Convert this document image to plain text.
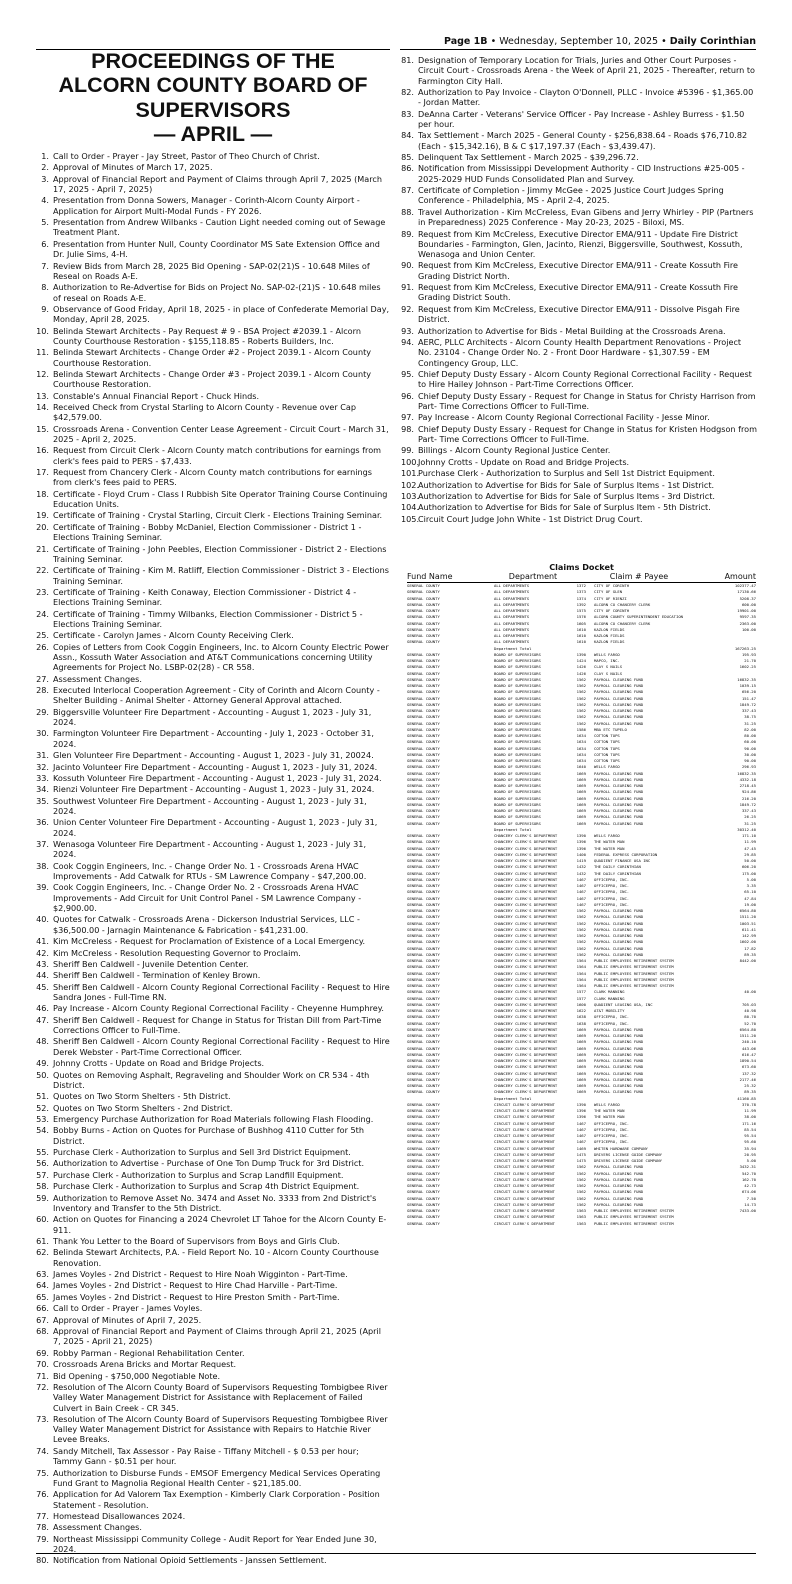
Page 1B • Wednesday, September 10, 2025 • Daily Corinthian
PROCEEDINGS OF THE
ALCORN COUNTY BOARD OF
SUPERVISORS
— APRIL —
1. Call to Order - Prayer - Jay Street, Pastor of Theo Church of Christ.
2. Approval of Minutes of March 17, 2025.
3. Approval of Financial Report and Payment of Claims through April 7, 2025 (March 17, 2025 - April 7, 2025)
4. Presentation from Donna Sowers, Manager - Corinth-Alcorn County Airport - Application for Airport Multi-Modal Funds - FY 2026.
5. Presentation from Andrew Wilbanks - Caution Light needed coming out of Sewage Treatment Plant.
6. Presentation from Hunter Null, County Coordinator MS Sate Extension Office and Dr. Julie Sims, 4-H.
7. Review Bids from March 28, 2025 Bid Opening - SAP-02(21)S - 10.648 Miles of Reseal on Roads A-E.
8. Authorization to Re-Advertise for Bids on Project No. SAP-02-(21)S - 10.648 miles of reseal on Roads A-E.
9. Observance of Good Friday, April 18, 2025 - in place of Confederate Memorial Day, Monday, April 28, 2025.
10. Belinda Stewart Architects - Pay Request # 9 - BSA Project #2039.1 - Alcorn County Courthouse Restoration - $155,118.85 - Roberts Builders, Inc.
11. Belinda Stewart Architects - Change Order #2 - Project 2039.1 - Alcorn County Courthouse Restoration.
12. Belinda Stewart Architects - Change Order #3 - Project 2039.1 - Alcorn County Courthouse Restoration.
13. Constable's Annual Financial Report - Chuck Hinds.
14. Received Check from Crystal Starling to Alcorn County - Revenue over Cap $42,579.00.
15. Crossroads Arena - Convention Center Lease Agreement - Circuit Court - March 31, 2025 - April 2, 2025.
16. Request from Circuit Clerk - Alcorn County match contributions for earnings from clerk's fees paid to PERS - $7,433.
17. Request from Chancery Clerk - Alcorn County match contributions for earnings from clerk's fees paid to PERS.
18. Certificate - Floyd Crum - Class I Rubbish Site Operator Training Course Continuing Education Units.
19. Certificate of Training - Crystal Starling, Circuit Clerk - Elections Training Seminar.
20. Certificate of Training - Bobby McDaniel, Election Commissioner - District 1 - Elections Training Seminar.
21. Certificate of Training - John Peebles, Election Commissioner - District 2 - Elections Training Seminar.
22. Certificate of Training - Kim M. Ratliff, Election Commissioner - District 3 - Elections Training Seminar.
23. Certificate of Training - Keith Conaway, Election Commissioner - District 4 - Elections Training Seminar.
24. Certificate of Training - Timmy Wilbanks, Election Commissioner - District 5 - Elections Training Seminar.
25. Certificate - Carolyn James - Alcorn County Receiving Clerk.
26. Copies of Letters from Cook Coggin Engineers, Inc. to Alcorn County Electric Power Assn., Kossuth Water Association and AT&T Communications concerning Utility Agreements for Project No. LSBP-02(28) - CR 558.
27. Assessment Changes.
28. Executed Interlocal Cooperation Agreement - City of Corinth and Alcorn County - Shelter Building - Animal Shelter - Attorney General Approval attached.
29. Biggersville Volunteer Fire Department - Accounting - August 1, 2023 - July 31, 2024.
30. Farmington Volunteer Fire Department - Accounting - July 1, 2023 - October 31, 2024.
31. Glen Volunteer Fire Department - Accounting - August 1, 2023 - July 31, 20024.
32. Jacinto Volunteer Fire Department - Accounting - August 1, 2023 - July 31, 2024.
33. Kossuth Volunteer Fire Department - Accounting - August 1, 2023 - July 31, 2024.
34. Rienzi Volunteer Fire Department - Accounting - August 1, 2023 - July 31, 2024.
35. Southwest Volunteer Fire Department - Accounting - August 1, 2023 - July 31, 2024.
36. Union Center Volunteer Fire Department - Accounting - August 1, 2023 - July 31, 2024.
37. Wenasoga Volunteer Fire Department - Accounting - August 1, 2023 - July 31, 2024.
38. Cook Coggin Engineers, Inc. - Change Order No. 1 - Crossroads Arena HVAC Improvements - Add Catwalk for RTUs - SM Lawrence Company - $47,200.00.
39. Cook Coggin Engineers, Inc. - Change Order No. 2 - Crossroads Arena HVAC Improvements - Add Circuit for Unit Control Panel - SM Lawrence Company - $2,900.00.
40. Quotes for Catwalk - Crossroads Arena - Dickerson Industrial Services, LLC - $36,500.00 - Jarnagin Maintenance & Fabrication - $41,231.00.
41. Kim McCreless - Request for Proclamation of Existence of a Local Emergency.
42. Kim McCreless - Resolution Requesting Governor to Proclaim.
43. Sheriff Ben Caldwell - Juvenile Detention Center.
44. Sheriff Ben Caldwell - Termination of Kenley Brown.
45. Sheriff Ben Caldwell - Alcorn County Regional Correctional Facility - Request to Hire Sandra Jones - Full-Time RN.
46. Pay Increase - Alcorn County Regional Correctional Facility - Cheyenne Humphrey.
47. Sheriff Ben Caldwell - Request for Change in Status for Tristan Dill from Part-Time Corrections Officer to Full-Time.
48. Sheriff Ben Caldwell - Alcorn County Regional Correctional Facility - Request to Hire Derek Webster - Part-Time Correctional Officer.
49. Johnny Crotts - Update on Road and Bridge Projects.
50. Quotes on Removing Asphalt, Regraveling and Shoulder Work on CR 534 - 4th District.
51. Quotes on Two Storm Shelters - 5th District.
52. Quotes on Two Storm Shelters - 2nd District.
53. Emergency Purchase Authorization for Road Materials following Flash Flooding.
54. Bobby Burns - Action on Quotes for Purchase of Bushhog 4110 Cutter for 5th District.
55. Purchase Clerk - Authorization to Surplus and Sell 3rd District Equipment.
56. Authorization to Advertise - Purchase of One Ton Dump Truck for 3rd District.
57. Purchase Clerk - Authorization to Surplus and Scrap Landfill Equipment.
58. Purchase Clerk - Authorization to Surplus and Scrap 4th District Equipment.
59. Authorization to Remove Asset No. 3474 and Asset No. 3333 from 2nd District's Inventory and Transfer to the 5th District.
60. Action on Quotes for Financing a 2024 Chevrolet LT Tahoe for the Alcorn County E-911.
61. Thank You Letter to the Board of Supervisors from Boys and Girls Club.
62. Belinda Stewart Architects, P.A. - Field Report No. 10 - Alcorn County Courthouse Renovation.
63. James Voyles - 2nd District - Request to Hire Noah Wigginton - Part-Time.
64. James Voyles - 2nd District - Request to Hire Chad Harville - Part-Time.
65. James Voyles - 2nd District - Request to Hire Preston Smith - Part-Time.
66. Call to Order - Prayer - James Voyles.
67. Approval of Minutes of April 7, 2025.
68. Approval of Financial Report and Payment of Claims through April 21, 2025 (April 7, 2025 - April 21, 2025)
69. Robby Parman - Regional Rehabilitation Center.
70. Crossroads Arena Bricks and Mortar Request.
71. Bid Opening - $750,000 Negotiable Note.
72. Resolution of The Alcorn County Board of Supervisors Requesting Tombigbee River Valley Water Management District for Assistance with Replacement of Failed Culvert in Bain Creek - CR 345.
73. Resolution of The Alcorn County Board of Supervisors Requesting Tombigbee River Valley Water Management District for Assistance with Repairs to Hatchie River Levee Breaks.
74. Sandy Mitchell, Tax Assessor - Pay Raise - Tiffany Mitchell - $ 0.53 per hour; Tammy Gann - $0.51 per hour.
75. Authorization to Disburse Funds - EMSOF Emergency Medical Services Operating Fund Grant to Magnolia Regional Health Center - $21,185.00.
76. Application for Ad Valorem Tax Exemption - Kimberly Clark Corporation - Position Statement - Resolution.
77. Homestead Disallowances 2024.
78. Assessment Changes.
79. Northeast Mississippi Community College - Audit Report for Year Ended June 30, 2024.
80. Notification from National Opioid Settlements - Janssen Settlement.
81. Designation of Temporary Location for Trials, Juries and Other Court Purposes - Circuit Court - Crossroads Arena - the Week of April 21, 2025 - Thereafter, return to Farmington City Hall.
82. Authorization to Pay Invoice - Clayton O'Donnell, PLLC - Invoice #5396 - $1,365.00 - Jordan Matter.
83. DeAnna Carter - Veterans' Service Officer - Pay Increase - Ashley Burress - $1.50 per hour.
84. Tax Settlement - March 2025 - General County - $256,838.64 - Roads $76,710.82 (Each - $15,342.16), B & C $17,197.37 (Each - $3,439.47).
85. Delinquent Tax Settlement - March 2025 - $39,296.72.
86. Notification from Mississippi Development Authority - CID Instructions #25-005 - 2025-2029 HUD Funds Consolidated Plan and Survey.
87. Certificate of Completion - Jimmy McGee - 2025 Justice Court Judges Spring Conference - Philadelphia, MS - April 2-4, 2025.
88. Travel Authorization - Kim McCreless, Evan Gibens and Jerry Whirley - PIP (Partners in Preparedness) 2025 Conference - May 20-23, 2025 - Biloxi, MS.
89. Request from Kim McCreless, Executive Director EMA/911 - Update Fire District Boundaries - Farmington, Glen, Jacinto, Rienzi, Biggersville, Southwest, Kossuth, Wenasoga and Union Center.
90. Request from Kim McCreless, Executive Director EMA/911 - Create Kossuth Fire Grading District North.
91. Request from Kim McCreless, Executive Director EMA/911 - Create Kossuth Fire Grading District South.
92. Request from Kim McCreless, Executive Director EMA/911 - Dissolve Pisgah Fire District.
93. Authorization to Advertise for Bids - Metal Building at the Crossroads Arena.
94. AERC, PLLC Architects - Alcorn County Health Department Renovations - Project No. 23104 - Change Order No. 2 - Front Door Hardware - $1,307.59 - EM Contingency Group, LLC.
95. Chief Deputy Dusty Essary - Alcorn County Regional Correctional Facility - Request to Hire Hailey Johnson - Part-Time Corrections Officer.
96. Chief Deputy Dusty Essary - Request for Change in Status for Christy Harrison from Part- Time Corrections Officer to Full-Time.
97. Pay Increase - Alcorn County Regional Correctional Facility - Jesse Minor.
98. Chief Deputy Dusty Essary - Request for Change in Status for Kristen Hodgson from Part- Time Corrections Officer to Full-Time.
99. Billings - Alcorn County Regional Justice Center.
100.
Johnny Crotts - Update on Road and Bridge Projects.
101.
Purchase Clerk - Authorization to Surplus and Sell 1st District Equipment.
102.
Authorization to Advertise for Bids for Sale of Surplus Items - 1st District.
103.
Authorization to Advertise for Bids for Sale of Surplus Items - 3rd District.
104.
Authorization to Advertise for Bids for Sale of Surplus Item - 5th District.
105.
Circuit Court Judge John White - 1st District Drug Court.
Claims Docket
Fund Name	Department	Claim # Payee	Amount
GENERAL COUNTY	ALL DEPARTMENTS	1372	CITY OF CORINTH	102377.47
GENERAL COUNTY	ALL DEPARTMENTS	1373	CITY OF GLEN	17130.66
GENERAL COUNTY	ALL DEPARTMENTS	1374	CITY OF RIENZI	5208.37
GENERAL COUNTY	ALL DEPARTMENTS	1392	ALCORN CO CHANCERY CLERK	600.00
GENERAL COUNTY	ALL DEPARTMENTS	1575	CITY OF CORINTH	19901.00
GENERAL COUNTY	ALL DEPARTMENTS	1576	ALCORN COUNTY SUPERINTENDENT EDUCATION	9597.35
GENERAL COUNTY	ALL DEPARTMENTS	1605	ALCORN CO CHANCERY CLERK	2363.00
GENERAL COUNTY	ALL DEPARTMENTS	1610	KAZLON FIELDS	100.00
GENERAL COUNTY	ALL DEPARTMENTS	1610	KAZLON FIELDS
GENERAL COUNTY	ALL DEPARTMENTS	1610	KAZLON FIELDS
Department Total	167263.25
GENERAL COUNTY	BOARD OF SUPERVISORS	1390	WELLS FARGO	195.93
GENERAL COUNTY	BOARD OF SUPERVISORS	1424	MAPCO, INC.	21.70
GENERAL COUNTY	BOARD OF SUPERVISORS	1426	CLAY S NAILS	1602.25
GENERAL COUNTY	BOARD OF SUPERVISORS	1426	CLAY S NAILS
GENERAL COUNTY	BOARD OF SUPERVISORS	1562	PAYROLL CLEARING FUND	16832.35
GENERAL COUNTY	BOARD OF SUPERVISORS	1562	PAYROLL CLEARING FUND	1039.15
GENERAL COUNTY	BOARD OF SUPERVISORS	1562	PAYROLL CLEARING FUND	656.20
GENERAL COUNTY	BOARD OF SUPERVISORS	1562	PAYROLL CLEARING FUND	151.47
GENERAL COUNTY	BOARD OF SUPERVISORS	1562	PAYROLL CLEARING FUND	1849.72
GENERAL COUNTY	BOARD OF SUPERVISORS	1562	PAYROLL CLEARING FUND	337.43
GENERAL COUNTY	BOARD OF SUPERVISORS	1562	PAYROLL CLEARING FUND	38.75
GENERAL COUNTY	BOARD OF SUPERVISORS	1562	PAYROLL CLEARING FUND	31.25
GENERAL COUNTY	BOARD OF SUPERVISORS	1586	MBA ETC TUPELO	82.00
GENERAL COUNTY	BOARD OF SUPERVISORS	1634	COTTON TOPS	80.00
GENERAL COUNTY	BOARD OF SUPERVISORS	1634	COTTON TOPS	60.00
GENERAL COUNTY	BOARD OF SUPERVISORS	1634	COTTON TOPS	90.00
GENERAL COUNTY	BOARD OF SUPERVISORS	1634	COTTON TOPS	30.00
GENERAL COUNTY	BOARD OF SUPERVISORS	1634	COTTON TOPS	90.00
GENERAL COUNTY	BOARD OF SUPERVISORS	1640	WELLS FARGO	296.93
GENERAL COUNTY	BOARD OF SUPERVISORS	1669	PAYROLL CLEARING FUND	16832.35
GENERAL COUNTY	BOARD OF SUPERVISORS	1669	PAYROLL CLEARING FUND	4332.18
GENERAL COUNTY	BOARD OF SUPERVISORS	1669	PAYROLL CLEARING FUND	2718.45
GENERAL COUNTY	BOARD OF SUPERVISORS	1669	PAYROLL CLEARING FUND	924.86
GENERAL COUNTY	BOARD OF SUPERVISORS	1669	PAYROLL CLEARING FUND	216.20
GENERAL COUNTY	BOARD OF SUPERVISORS	1669	PAYROLL CLEARING FUND	1849.72
GENERAL COUNTY	BOARD OF SUPERVISORS	1669	PAYROLL CLEARING FUND	337.43
GENERAL COUNTY	BOARD OF SUPERVISORS	1669	PAYROLL CLEARING FUND	26.25
GENERAL COUNTY	BOARD OF SUPERVISORS	1669	PAYROLL CLEARING FUND	31.25
Department Total	30312.40
GENERAL COUNTY	CHANCERY CLERK'S DEPARTMENT	1390	WELLS FARGO	171.10
GENERAL COUNTY	CHANCERY CLERK'S DEPARTMENT	1396	THE WATER MAN	11.99
GENERAL COUNTY	CHANCERY CLERK'S DEPARTMENT	1396	THE WATER MAN	47.45
GENERAL COUNTY	CHANCERY CLERK'S DEPARTMENT	1400	FEDERAL EXPRESS CORPORATION	29.85
GENERAL COUNTY	CHANCERY CLERK'S DEPARTMENT	1419	QUADIENT FINANCE USA INC	50.00
GENERAL COUNTY	CHANCERY CLERK'S DEPARTMENT	1432	THE DAILY CORINTHIAN	606.20
GENERAL COUNTY	CHANCERY CLERK'S DEPARTMENT	1432	THE DAILY CORINTHIAN	175.00
GENERAL COUNTY	CHANCERY CLERK'S DEPARTMENT	1467	OFFICEPRO, INC.	5.00
GENERAL COUNTY	CHANCERY CLERK'S DEPARTMENT	1467	OFFICEPRO, INC.	3.35
GENERAL COUNTY	CHANCERY CLERK'S DEPARTMENT	1467	OFFICEPRO, INC.	65.10
GENERAL COUNTY	CHANCERY CLERK'S DEPARTMENT	1467	OFFICEPRO, INC.	47.84
GENERAL COUNTY	CHANCERY CLERK'S DEPARTMENT	1467	OFFICEPRO, INC.	19.00
GENERAL COUNTY	CHANCERY CLERK'S DEPARTMENT	1562	PAYROLL CLEARING FUND	6564.80
GENERAL COUNTY	CHANCERY CLERK'S DEPARTMENT	1562	PAYROLL CLEARING FUND	1511.20
GENERAL COUNTY	CHANCERY CLERK'S DEPARTMENT	1562	PAYROLL CLEARING FUND	1003.51
GENERAL COUNTY	CHANCERY CLERK'S DEPARTMENT	1562	PAYROLL CLEARING FUND	611.41
GENERAL COUNTY	CHANCERY CLERK'S DEPARTMENT	1562	PAYROLL CLEARING FUND	142.99
GENERAL COUNTY	CHANCERY CLERK'S DEPARTMENT	1562	PAYROLL CLEARING FUND	1602.00
GENERAL COUNTY	CHANCERY CLERK'S DEPARTMENT	1562	PAYROLL CLEARING FUND	17.82
GENERAL COUNTY	CHANCERY CLERK'S DEPARTMENT	1562	PAYROLL CLEARING FUND	89.35
GENERAL COUNTY	CHANCERY CLERK'S DEPARTMENT	1564	PUBLIC EMPLOYEES RETIREMENT SYSTEM	8442.00
GENERAL COUNTY	CHANCERY CLERK'S DEPARTMENT	1564	PUBLIC EMPLOYEES RETIREMENT SYSTEM
GENERAL COUNTY	CHANCERY CLERK'S DEPARTMENT	1564	PUBLIC EMPLOYEES RETIREMENT SYSTEM
GENERAL COUNTY	CHANCERY CLERK'S DEPARTMENT	1564	PUBLIC EMPLOYEES RETIREMENT SYSTEM
GENERAL COUNTY	CHANCERY CLERK'S DEPARTMENT	1564	PUBLIC EMPLOYEES RETIREMENT SYSTEM
GENERAL COUNTY	CHANCERY CLERK'S DEPARTMENT	1577	CLARK MANNING	40.00
GENERAL COUNTY	CHANCERY CLERK'S DEPARTMENT	1577	CLARK MANNING
GENERAL COUNTY	CHANCERY CLERK'S DEPARTMENT	1600	QUADIENT LEASING USA, INC	705.03
GENERAL COUNTY	CHANCERY CLERK'S DEPARTMENT	1622	AT&T MOBILITY	40.98
GENERAL COUNTY	CHANCERY CLERK'S DEPARTMENT	1638	OFFICEPRO, INC.	80.70
GENERAL COUNTY	CHANCERY CLERK'S DEPARTMENT	1638	OFFICEPRO, INC.	52.70
GENERAL COUNTY	CHANCERY CLERK'S DEPARTMENT	1669	PAYROLL CLEARING FUND	6564.80
GENERAL COUNTY	CHANCERY CLERK'S DEPARTMENT	1669	PAYROLL CLEARING FUND	1511.20
GENERAL COUNTY	CHANCERY CLERK'S DEPARTMENT	1669	PAYROLL CLEARING FUND	240.10
GENERAL COUNTY	CHANCERY CLERK'S DEPARTMENT	1669	PAYROLL CLEARING FUND	443.06
GENERAL COUNTY	CHANCERY CLERK'S DEPARTMENT	1669	PAYROLL CLEARING FUND	616.47
GENERAL COUNTY	CHANCERY CLERK'S DEPARTMENT	1669	PAYROLL CLEARING FUND	1890.54
GENERAL COUNTY	CHANCERY CLERK'S DEPARTMENT	1669	PAYROLL CLEARING FUND	673.60
GENERAL COUNTY	CHANCERY CLERK'S DEPARTMENT	1669	PAYROLL CLEARING FUND	137.32
GENERAL COUNTY	CHANCERY CLERK'S DEPARTMENT	1669	PAYROLL CLEARING FUND	2177.46
GENERAL COUNTY	CHANCERY CLERK'S DEPARTMENT	1669	PAYROLL CLEARING FUND	25.32
GENERAL COUNTY	CHANCERY CLERK'S DEPARTMENT	1669	PAYROLL CLEARING FUND	89.35
Department Total	41160.85
GENERAL COUNTY	CIRCUIT CLERK'S DEPARTMENT	1390	WELLS FARGO	370.78
GENERAL COUNTY	CIRCUIT CLERK'S DEPARTMENT	1396	THE WATER MAN	11.99
GENERAL COUNTY	CIRCUIT CLERK'S DEPARTMENT	1396	THE WATER MAN	38.00
GENERAL COUNTY	CIRCUIT CLERK'S DEPARTMENT	1467	OFFICEPRO, INC.	171.16
GENERAL COUNTY	CIRCUIT CLERK'S DEPARTMENT	1467	OFFICEPRO, INC.	85.54
GENERAL COUNTY	CIRCUIT CLERK'S DEPARTMENT	1467	OFFICEPRO, INC.	95.54
GENERAL COUNTY	CIRCUIT CLERK'S DEPARTMENT	1467	OFFICEPRO, INC.	95.60
GENERAL COUNTY	CIRCUIT CLERK'S DEPARTMENT	1469	WHITEN HARDWARE COMPANY	35.94
GENERAL COUNTY	CIRCUIT CLERK'S DEPARTMENT	1475	DRIVERS LICENSE GUIDE COMPANY	20.95
GENERAL COUNTY	CIRCUIT CLERK'S DEPARTMENT	1475	DRIVERS LICENSE GUIDE COMPANY	5.00
GENERAL COUNTY	CIRCUIT CLERK'S DEPARTMENT	1562	PAYROLL CLEARING FUND	3432.31
GENERAL COUNTY	CIRCUIT CLERK'S DEPARTMENT	1562	PAYROLL CLEARING FUND	542.70
GENERAL COUNTY	CIRCUIT CLERK'S DEPARTMENT	1562	PAYROLL CLEARING FUND	162.70
GENERAL COUNTY	CIRCUIT CLERK'S DEPARTMENT	1562	PAYROLL CLEARING FUND	42.73
GENERAL COUNTY	CIRCUIT CLERK'S DEPARTMENT	1562	PAYROLL CLEARING FUND	674.06
GENERAL COUNTY	CIRCUIT CLERK'S DEPARTMENT	1562	PAYROLL CLEARING FUND	7.50
GENERAL COUNTY	CIRCUIT CLERK'S DEPARTMENT	1562	PAYROLL CLEARING FUND	14.73
GENERAL COUNTY	CIRCUIT CLERK'S DEPARTMENT	1563	PUBLIC EMPLOYEES RETIREMENT SYSTEM	7433.00
GENERAL COUNTY	CIRCUIT CLERK'S DEPARTMENT	1563	PUBLIC EMPLOYEES RETIREMENT SYSTEM
GENERAL COUNTY	CIRCUIT CLERK'S DEPARTMENT	1563	PUBLIC EMPLOYEES RETIREMENT SYSTEM
